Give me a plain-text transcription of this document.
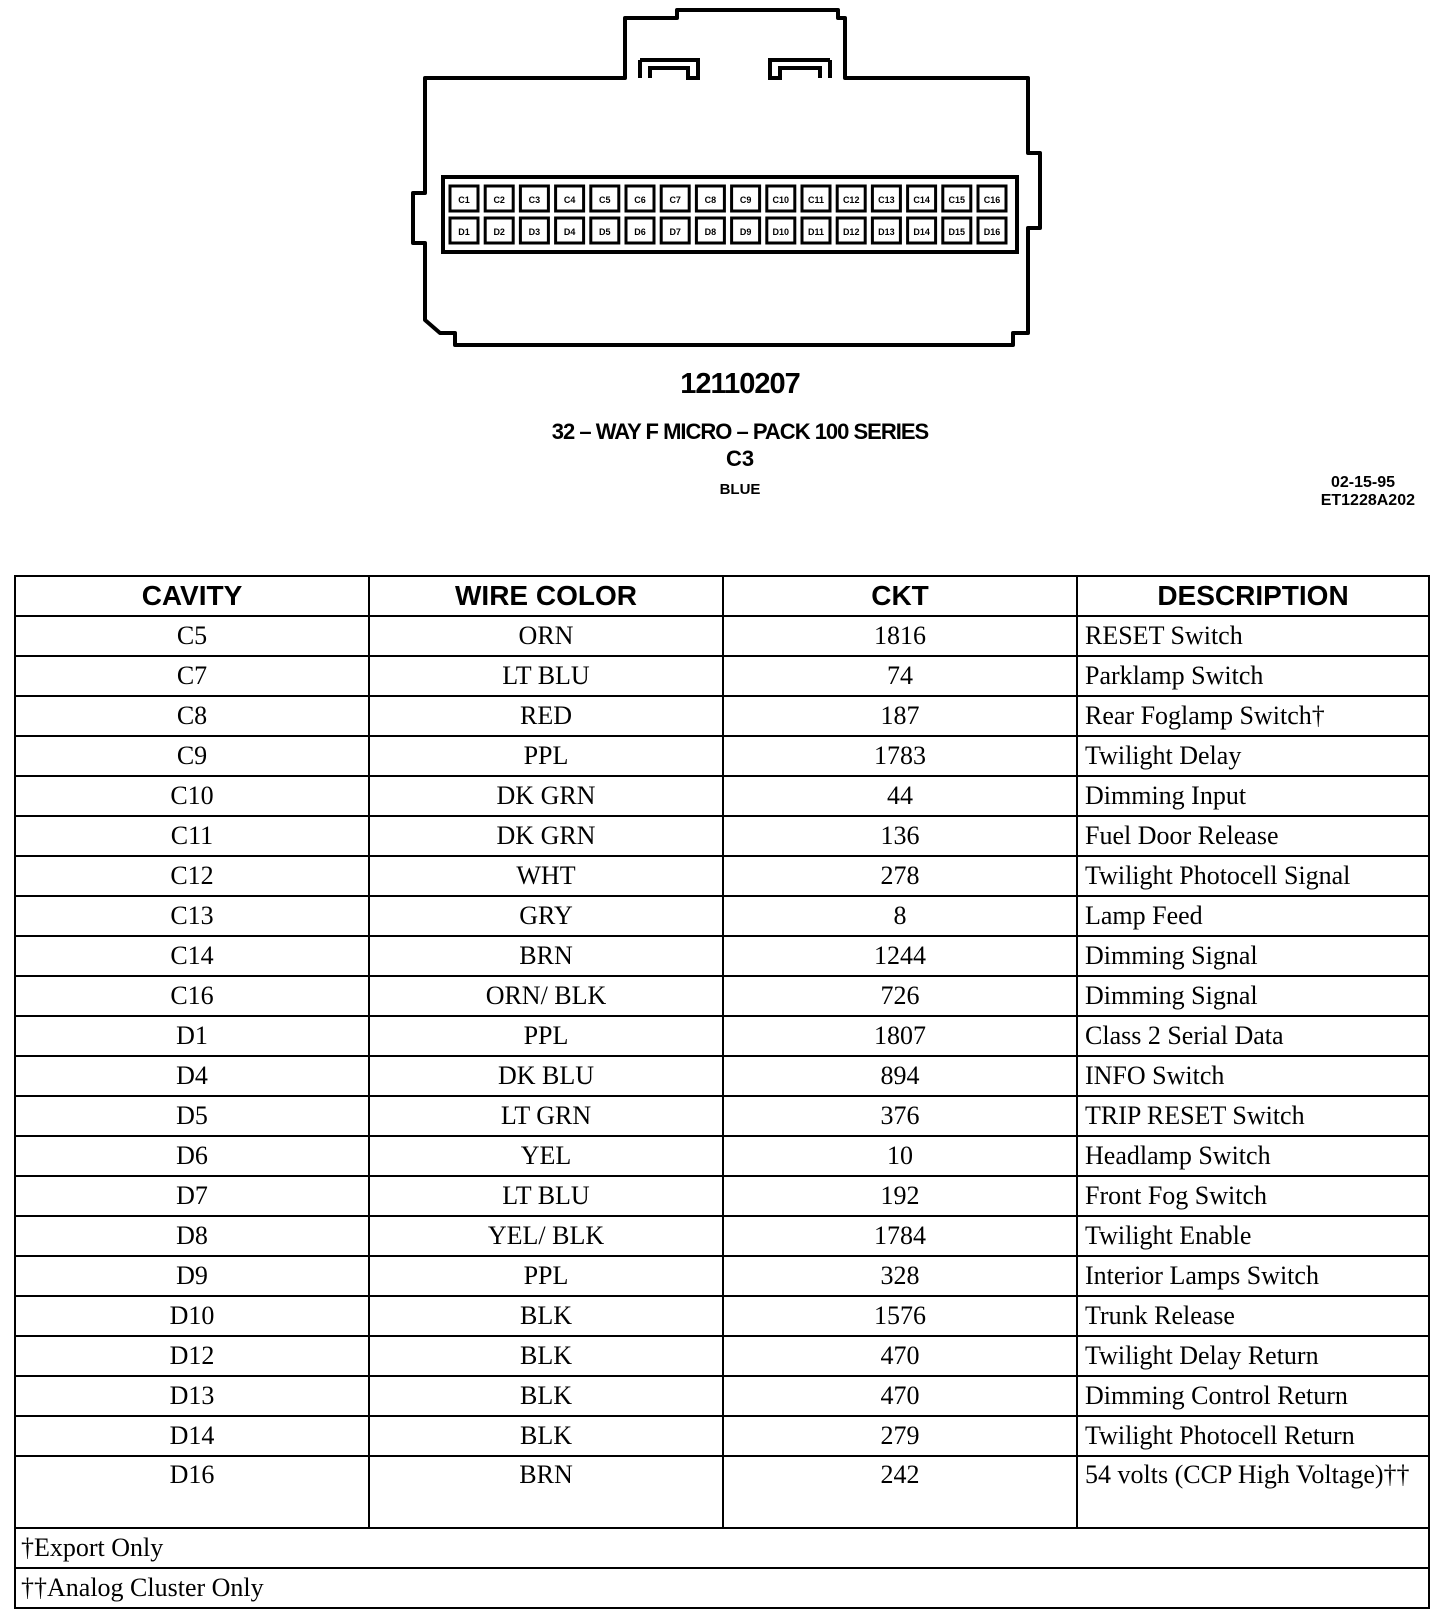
C1	C2	C3	C4	C5	C6	C7	C8	C9 C10 C11 C12 C13 C14 C15 C16
D1	D2	D3	D4	D5	D6	D7	D8	D9 D10 D11 D12 D13 D14 D15 D16
12110207
32 – WAY F MICRO – PACK 100 SERIES
C3
BLUE	02-15-95
ET1228A202
CAVITY	WIRE COLOR	CKT	DESCRIPTION
C5	ORN	1816	RESET Switch
C7	LT BLU	74	Parklamp Switch
C8	RED	187	Rear Foglamp Switch†
C9	PPL	1783	Twilight Delay
C10	DK GRN	44	Dimming Input
C11	DK GRN	136	Fuel Door Release
C12	WHT	278	Twilight Photocell Signal
C13	GRY	8	Lamp Feed
C14	BRN	1244	Dimming Signal
C16	ORN/ BLK	726	Dimming Signal
D1	PPL	1807	Class 2 Serial Data
D4	DK BLU	894	INFO Switch
D5	LT GRN	376	TRIP RESET Switch
D6	YEL	10	Headlamp Switch
D7	LT BLU	192	Front Fog Switch
D8	YEL/ BLK	1784	Twilight Enable
D9	PPL	328	Interior Lamps Switch
D10	BLK	1576	Trunk Release
D12	BLK	470	Twilight Delay Return
D13	BLK	470	Dimming Control Return
D14	BLK	279	Twilight Photocell Return
D16	BRN	242	54 volts (CCP High Voltage)††
†Export Only			
††Analog Cluster Only			
